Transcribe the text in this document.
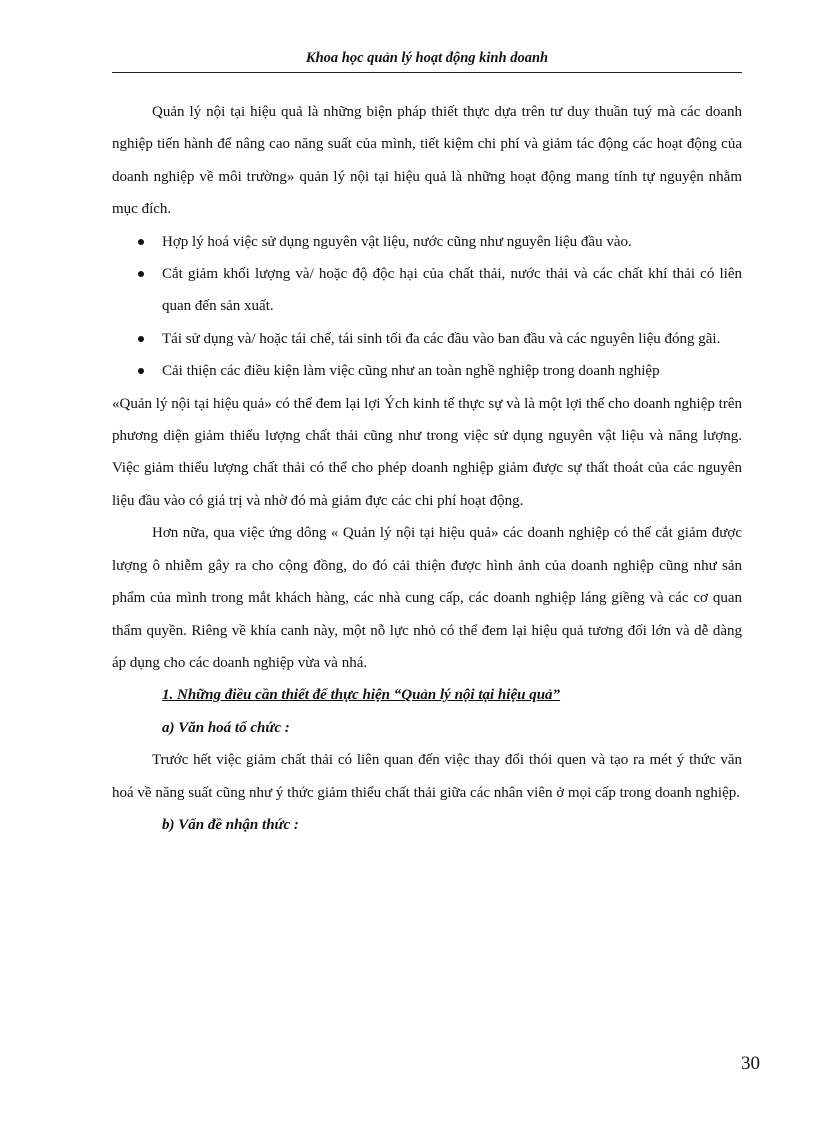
Khoa học quản lý hoạt động kinh doanh

Quản lý nội tại hiệu quả là những biện pháp thiết thực dựa trên tư duy thuần tuý mà các doanh nghiệp tiến hành để nâng cao năng suất của mình, tiết kiệm chi phí và giảm tác động các hoạt động của doanh nghiệp về môi trường» quản lý nội tại hiệu quả là những hoạt động mang tính tự nguyện nhằm mục đích.

Hợp lý hoá việc sử dụng nguyên vật liệu, nước cũng như nguyên liệu đầu vào.
Cắt giảm khối lượng và/ hoặc độ độc hại của chất thải, nước thải và các chất khí thải có liên quan đến sản xuất.
Tái sử dụng và/ hoặc tái chế, tái sinh tối đa các đầu vào ban đầu và các nguyên liệu đóng gãi.
Cải thiện các điều kiện làm việc cũng như an toàn nghề nghiệp trong doanh nghiệp

«Quản lý nội tại hiệu quả» có thể đem lại lợi Ých kinh tế thực sự và là một lợi thế cho doanh nghiệp trên phương diện giảm thiểu lượng chất thải cũng như trong việc sử dụng nguyên vật liệu và năng lượng. Việc giảm thiểu lượng chất thải có thể cho phép doanh nghiệp giảm được sự thất thoát của các nguyên liệu đầu vào có giá trị và nhờ đó mà giảm đực các chi phí hoạt động.

Hơn nữa, qua việc ứng dông « Quản lý nội tại hiệu quả» các doanh nghiệp có thể cắt giảm được lượng ô nhiễm gây ra cho cộng đồng, do đó cải thiện được hình ảnh của doanh nghiệp cũng như sản phẩm của mình trong mắt khách hàng, các nhà cung cấp, các doanh nghiệp láng giềng và các cơ quan thẩm quyền. Riêng về khía canh này, một nỗ lực nhỏ có thể đem lại hiệu quả tương đối lớn và dễ dàng áp dụng cho các doanh nghiệp vừa và nhá.

1. Những điều cần thiết để thực hiện “Quản lý nội tại hiệu quả”

a) Văn hoá tổ chức :

Trước hết việc giảm chất thải có liên quan đến việc thay đổi thói quen và tạo ra mét ý thức văn hoá về năng suất cũng như ý thức giảm thiểu chất thải giữa các nhân viên ở mọi cấp trong doanh nghiệp.

b) Vấn đề nhận thức :

30
